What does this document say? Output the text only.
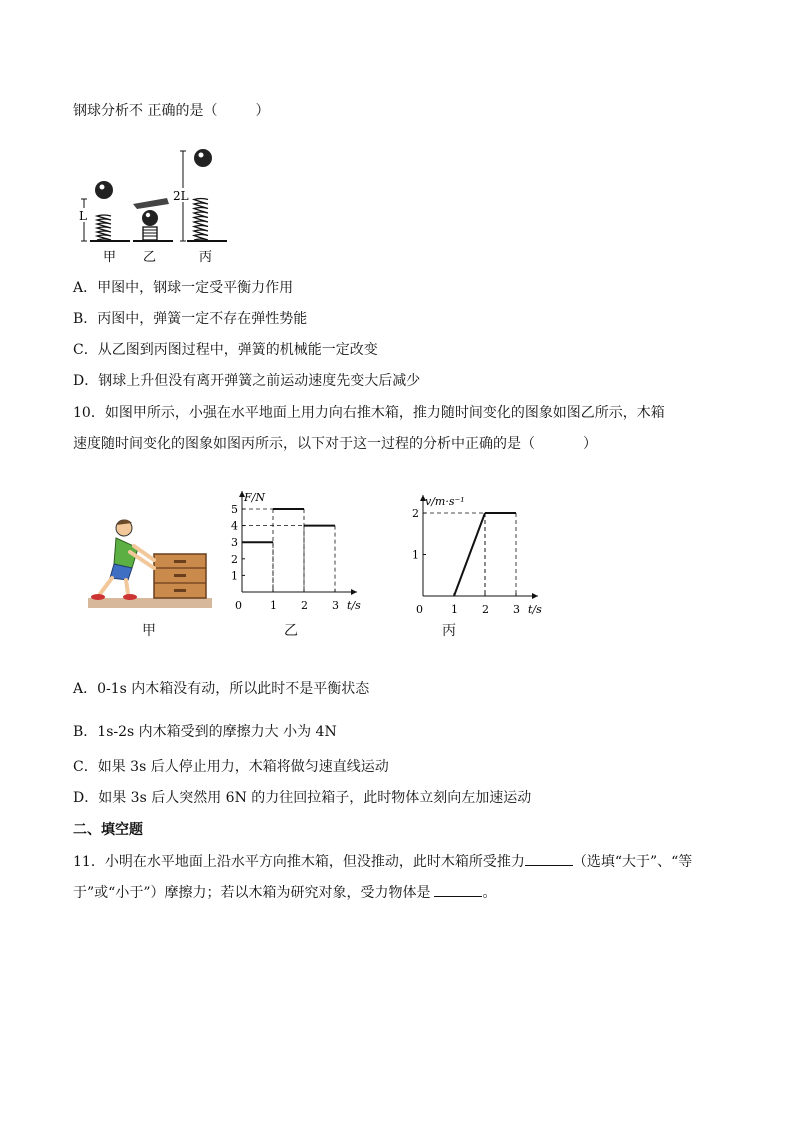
钢球分析不 正确的是（	）
L
2L
甲 乙	丙
A．甲图中，钢球一定受平衡力作用
B．丙图中，弹簧一定不存在弹性势能
C．从乙图到丙图过程中，弹簧的机械能一定改变
D．钢球上升但没有离开弹簧之前运动速度先变大后减少
10．如图甲所示，小强在水平地面上用力向右推木箱，推力随时间变化的图象如图乙所示，木箱
速度随时间变化的图象如图丙所示，以下对于这一过程的分析中正确的是（	）
甲
F/N
t/s
0	1 2 3
1
2
3
4
5
乙
v/m·s⁻¹
t/s
0	1 2 3
1
2
丙
A．0-1s 内木箱没有动，所以此时不是平衡状态
B．1s-2s 内木箱受到的摩擦力大 小为 4N
C．如果 3s 后人停止用力，木箱将做匀速直线运动
D．如果 3s 后人突然用 6N 的力往回拉箱子，此时物体立刻向左加速运动
二、填空题
11．小明在水平地面上沿水平方向推木箱，但没推动，此时木箱所受推力	（选填“大于”、“等
于”或“小于”）摩擦力；若以木箱为研究对象，受力物体是	。
